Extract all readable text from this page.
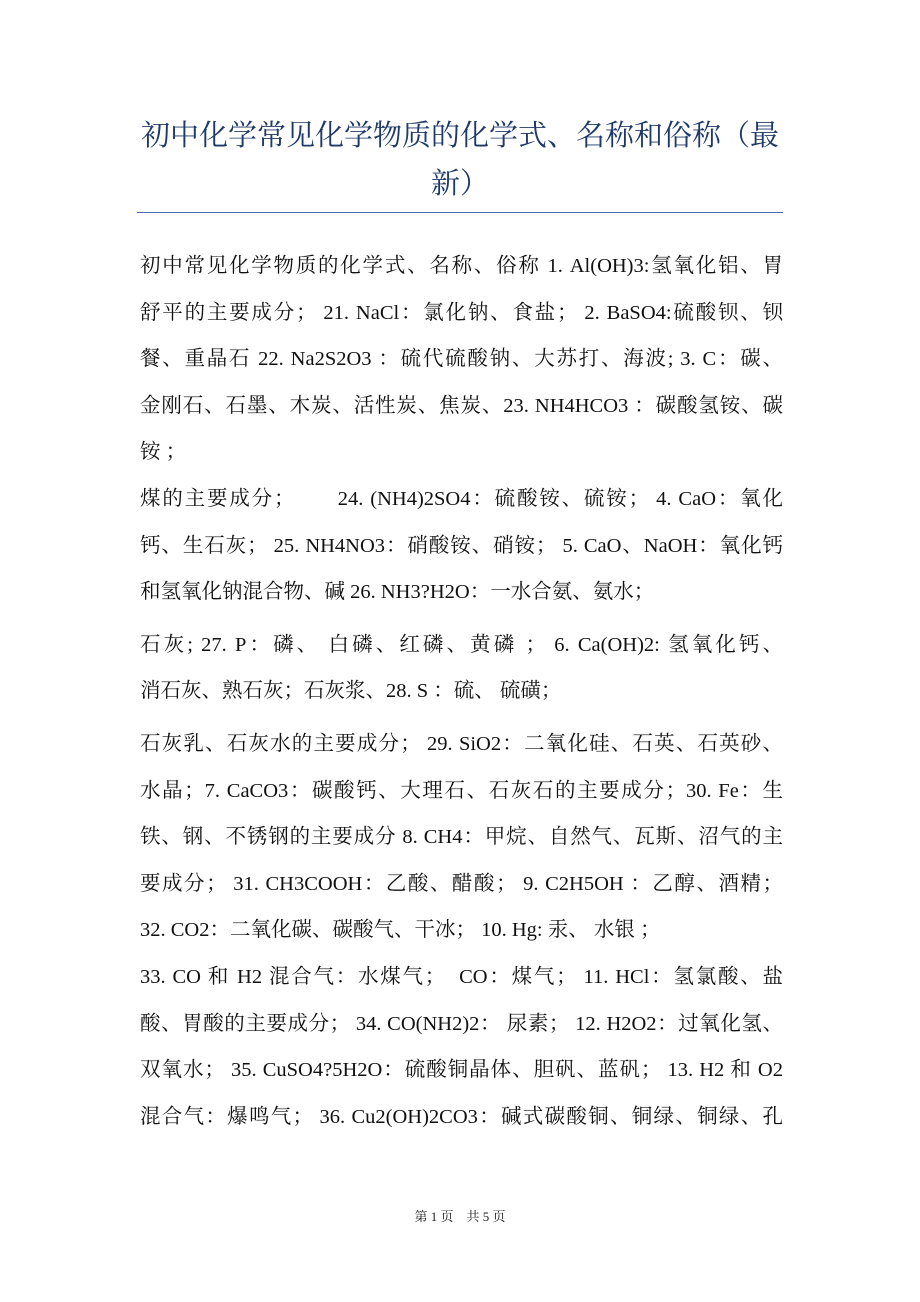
初中化学常见化学物质的化学式、名称和俗称（最
新）
初中常见化学物质的化学式、名称、俗称 1. Al(OH)3:氢氧化铝、胃
舒平的主要成分； 21. NaCl：氯化钠、食盐； 2. BaSO4:硫酸钡、钡
餐、重晶石 22. Na2S2O3 ：硫代硫酸钠、大苏打、海波; 3. C：碳、
金刚石、石墨、木炭、活性炭、焦炭、23. NH4HCO3 ：碳酸氢铵、碳
铵 ；
煤的主要成分；　　 24. (NH4)2SO4：硫酸铵、硫铵； 4. CaO：氧化
钙、生石灰； 25. NH4NO3：硝酸铵、硝铵； 5. CaO、NaOH：氧化钙
和氢氧化钠混合物、碱 26. NH3?H2O：一水合氨、氨水；
石灰; 27. P：磷、 白磷、红磷、黄磷 ； 6. Ca(OH)2: 氢氧化钙、
消石灰、熟石灰；石灰浆、28. S ：硫、 硫磺；
石灰乳、石灰水的主要成分； 29. SiO2：二氧化硅、石英、石英砂、
水晶；7. CaCO3：碳酸钙、大理石、石灰石的主要成分；30. Fe：生
铁、钢、不锈钢的主要成分 8. CH4：甲烷、自然气、瓦斯、沼气的主
要成分； 31. CH3COOH：乙酸、醋酸； 9. C2H5OH ：乙醇、酒精；
32. CO2：二氧化碳、碳酸气、干冰； 10. Hg: 汞、 水银 ；
33. CO 和 H2 混合气：水煤气；　CO：煤气； 11. HCl：氢氯酸、盐
酸、胃酸的主要成分； 34. CO(NH2)2： 尿素； 12. H2O2：过氧化氢、
双氧水； 35. CuSO4?5H2O：硫酸铜晶体、胆矾、蓝矾； 13. H2 和 O2
混合气：爆鸣气； 36. Cu2(OH)2CO3：碱式碳酸铜、铜绿、铜绿、孔
第 1 页　共 5 页
